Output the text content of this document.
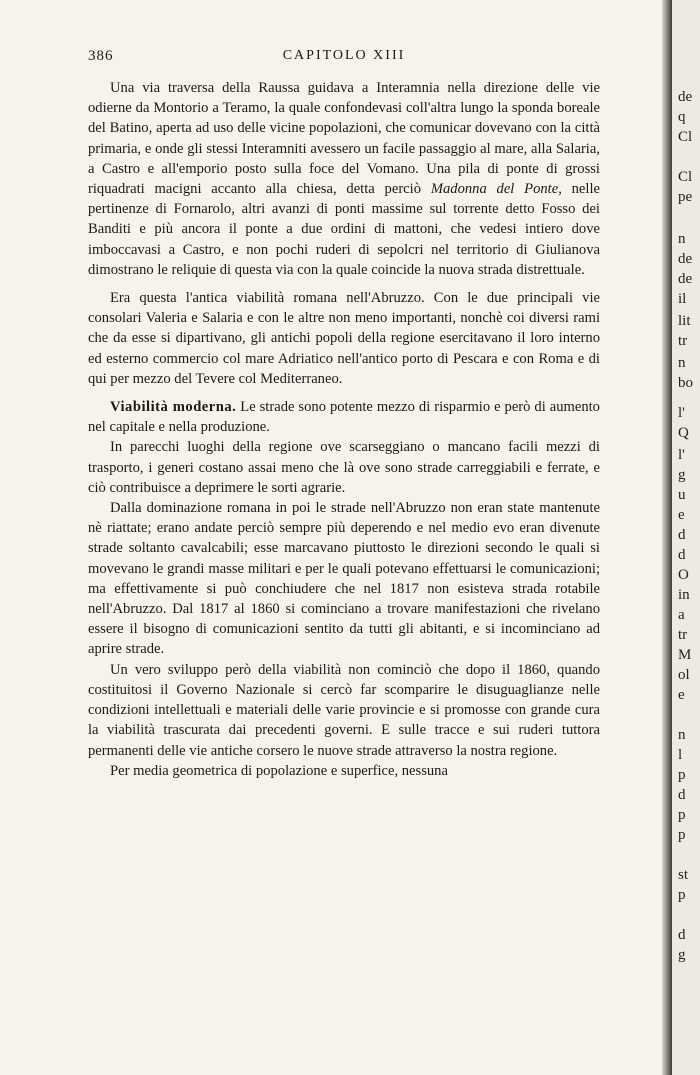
386	CAPITOLO XIII

Una via traversa della Raussa guidava a Interamnia nella direzione delle vie odierne da Montorio a Teramo, la quale confondevasi coll'altra lungo la sponda boreale del Batino, aperta ad uso delle vicine popolazioni, che comunicar dovevano con la città primaria, e onde gli stessi Interamniti avessero un facile passaggio al mare, alla Salaria, a Castro e all'emporio posto sulla foce del Vomano. Una pila di ponte di grossi riquadrati macigni accanto alla chiesa, detta perciò Madonna del Ponte, nelle pertinenze di Fornarolo, altri avanzi di ponti massime sul torrente detto Fosso dei Banditi e più ancora il ponte a due ordini di mattoni, che vedesi intiero dove imboccavasi a Castro, e non pochi ruderi di sepolcri nel territorio di Giulianova dimostrano le reliquie di questa via con la quale coincide la nuova strada distrettuale.

Era questa l'antica viabilità romana nell'Abruzzo. Con le due principali vie consolari Valeria e Salaria e con le altre non meno importanti, nonchè coi diversi rami che da esse si dipartivano, gli antichi popoli della regione esercitavano il loro interno ed esterno commercio col mare Adriatico nell'antico porto di Pescara e con Roma e di qui per mezzo del Tevere col Mediterraneo.

Viabilità moderna. Le strade sono potente mezzo di risparmio e però di aumento nel capitale e nella produzione.

In parecchi luoghi della regione ove scarseggiano o mancano facili mezzi di trasporto, i generi costano assai meno che là ove sono strade carreggiabili e ferrate, e ciò contribuisce a deprimere le sorti agrarie.

Dalla dominazione romana in poi le strade nell'Abruzzo non eran state mantenute nè riattate; erano andate perciò sempre più deperendo e nel medio evo eran divenute strade soltanto cavalcabili; esse marcavano piuttosto le direzioni secondo le quali si movevano le grandi masse militari e per le quali potevano effettuarsi le comunicazioni; ma effettivamente si può conchiudere che nel 1817 non esisteva strada rotabile nell'Abruzzo. Dal 1817 al 1860 si cominciano a trovare manifestazioni che rivelano essere il bisogno di comunicazioni sentito da tutti gli abitanti, e si incominciano ad aprire strade.

Un vero sviluppo però della viabilità non cominciò che dopo il 1860, quando costituitosi il Governo Nazionale si cercò far scomparire le disuguaglianze nelle condizioni intellettuali e materiali delle varie provincie e si promosse con grande cura la viabilità trascurata dai precedenti governi. E sulle tracce e sui ruderi tuttora permanenti delle vie antiche corsero le nuove strade attraverso la nostra regione.

Per media geometrica di popolazione e superfice, nessuna

de
q
Cl
Cl
pe
n
de
de
il
lit
tr
n
bo
l'
Q
l'
g
u
e
d
d
O
in
a
tr
M
ol
e
n
l
p
d
p
p
st
p
d
g
